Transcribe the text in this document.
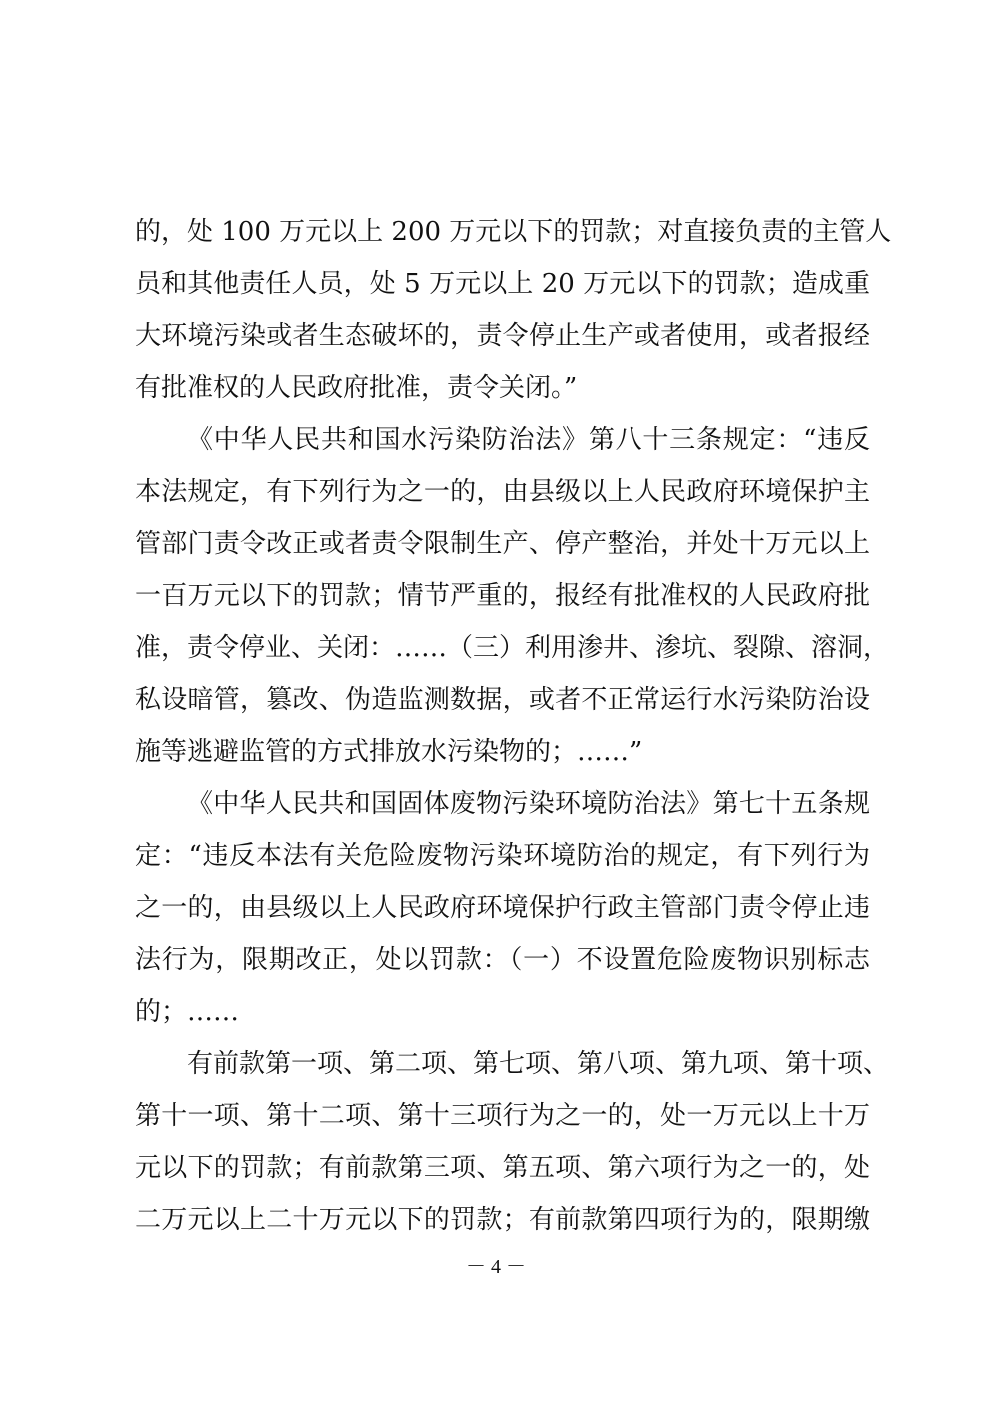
的，处 100 万元以上 200 万元以下的罚款；对直接负责的主管人
员和其他责任人员，处 5 万元以上 20 万元以下的罚款；造成重
大环境污染或者生态破坏的，责令停止生产或者使用，或者报经
有批准权的人民政府批准，责令关闭。”
《中华人民共和国水污染防治法》第八十三条规定：“违反
本法规定，有下列行为之一的，由县级以上人民政府环境保护主
管部门责令改正或者责令限制生产、停产整治，并处十万元以上
一百万元以下的罚款；情节严重的，报经有批准权的人民政府批
准，责令停业、关闭：……（三）利用渗井、渗坑、裂隙、溶洞，
私设暗管，篡改、伪造监测数据，或者不正常运行水污染防治设
施等逃避监管的方式排放水污染物的；……”
《中华人民共和国固体废物污染环境防治法》第七十五条规
定：“违反本法有关危险废物污染环境防治的规定，有下列行为
之一的，由县级以上人民政府环境保护行政主管部门责令停止违
法行为，限期改正，处以罚款：（一）不设置危险废物识别标志
的；……
有前款第一项、第二项、第七项、第八项、第九项、第十项、
第十一项、第十二项、第十三项行为之一的，处一万元以上十万
元以下的罚款；有前款第三项、第五项、第六项行为之一的，处
二万元以上二十万元以下的罚款；有前款第四项行为的，限期缴
－ 4 －
